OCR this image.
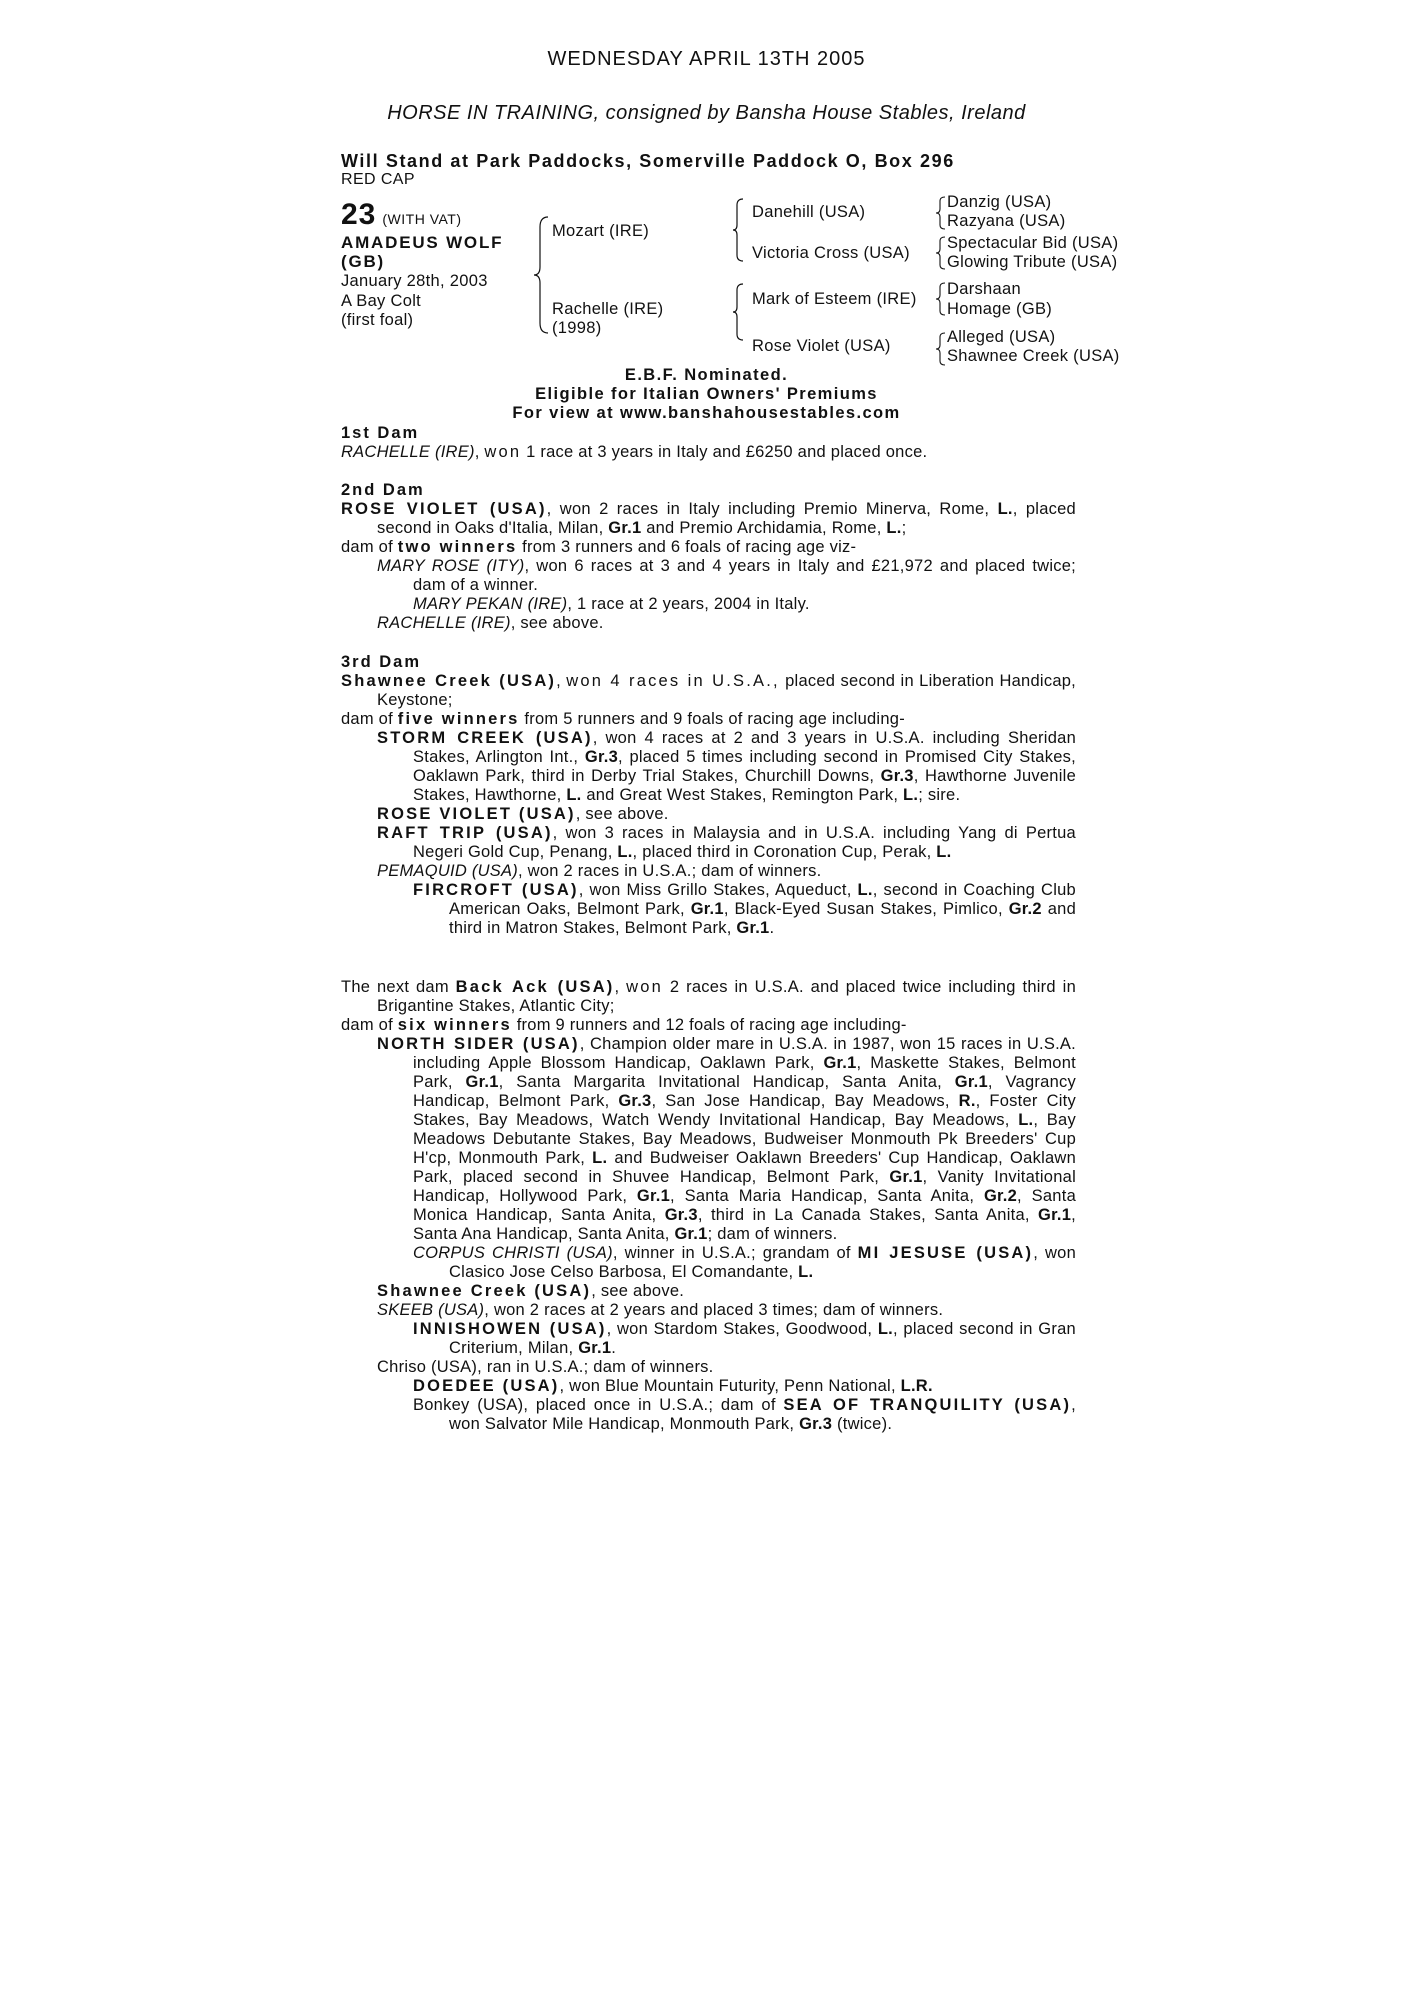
WEDNESDAY APRIL 13TH 2005
HORSE IN TRAINING, consigned by Bansha House Stables, Ireland
Will Stand at Park Paddocks, Somerville Paddock O, Box 296
RED CAP
23 (WITH VAT)
AMADEUS WOLF (GB)
January 28th, 2003
A Bay Colt
(first foal)
Mozart (IRE)
Rachelle (IRE)
(1998)
Danehill (USA)
Victoria Cross (USA)
Mark of Esteem (IRE)
Rose Violet (USA)
Danzig (USA)
Razyana (USA)
Spectacular Bid (USA)
Glowing Tribute (USA)
Darshaan
Homage (GB)
Alleged (USA)
Shawnee Creek (USA)
E.B.F. Nominated.
Eligible for Italian Owners' Premiums
For view at www.banshahousestables.com

1st Dam

RACHELLE (IRE), won 1 race at 3 years in Italy and £6250 and placed once.

2nd Dam

ROSE VIOLET (USA), won 2 races in Italy including Premio Minerva, Rome, L., placed second in Oaks d'Italia, Milan, Gr.1 and Premio Archidamia, Rome, L.;

dam of two winners from 3 runners and 6 foals of racing age viz-

MARY ROSE (ITY), won 6 races at 3 and 4 years in Italy and £21,972 and placed twice; dam of a winner.

MARY PEKAN (IRE), 1 race at 2 years, 2004 in Italy.

RACHELLE (IRE), see above.

3rd Dam

Shawnee Creek (USA), won 4 races in U.S.A., placed second in Liberation Handicap, Keystone;

dam of five winners from 5 runners and 9 foals of racing age including-

STORM CREEK (USA), won 4 races at 2 and 3 years in U.S.A. including Sheridan Stakes, Arlington Int., Gr.3, placed 5 times including second in Promised City Stakes, Oaklawn Park, third in Derby Trial Stakes, Churchill Downs, Gr.3, Hawthorne Juvenile Stakes, Hawthorne, L. and Great West Stakes, Remington Park, L.; sire.

ROSE VIOLET (USA), see above.

RAFT TRIP (USA), won 3 races in Malaysia and in U.S.A. including Yang di Pertua Negeri Gold Cup, Penang, L., placed third in Coronation Cup, Perak, L.

PEMAQUID (USA), won 2 races in U.S.A.; dam of winners.

FIRCROFT (USA), won Miss Grillo Stakes, Aqueduct, L., second in Coaching Club American Oaks, Belmont Park, Gr.1, Black-Eyed Susan Stakes, Pimlico, Gr.2 and third in Matron Stakes, Belmont Park, Gr.1.

The next dam Back Ack (USA), won 2 races in U.S.A. and placed twice including third in Brigantine Stakes, Atlantic City;

dam of six winners from 9 runners and 12 foals of racing age including-

NORTH SIDER (USA), Champion older mare in U.S.A. in 1987, won 15 races in U.S.A. including Apple Blossom Handicap, Oaklawn Park, Gr.1, Maskette Stakes, Belmont Park, Gr.1, Santa Margarita Invitational Handicap, Santa Anita, Gr.1, Vagrancy Handicap, Belmont Park, Gr.3, San Jose Handicap, Bay Meadows, R., Foster City Stakes, Bay Meadows, Watch Wendy Invitational Handicap, Bay Meadows, L., Bay Meadows Debutante Stakes, Bay Meadows, Budweiser Monmouth Pk Breeders' Cup H'cp, Monmouth Park, L. and Budweiser Oaklawn Breeders' Cup Handicap, Oaklawn Park, placed second in Shuvee Handicap, Belmont Park, Gr.1, Vanity Invitational Handicap, Hollywood Park, Gr.1, Santa Maria Handicap, Santa Anita, Gr.2, Santa Monica Handicap, Santa Anita, Gr.3, third in La Canada Stakes, Santa Anita, Gr.1, Santa Ana Handicap, Santa Anita, Gr.1; dam of winners.

CORPUS CHRISTI (USA), winner in U.S.A.; grandam of MI JESUSE (USA), won Clasico Jose Celso Barbosa, El Comandante, L.

Shawnee Creek (USA), see above.

SKEEB (USA), won 2 races at 2 years and placed 3 times; dam of winners.

INNISHOWEN (USA), won Stardom Stakes, Goodwood, L., placed second in Gran Criterium, Milan, Gr.1.

Chriso (USA), ran in U.S.A.; dam of winners.

DOEDEE (USA), won Blue Mountain Futurity, Penn National, L.R.

Bonkey (USA), placed once in U.S.A.; dam of SEA OF TRANQUILITY (USA), won Salvator Mile Handicap, Monmouth Park, Gr.3 (twice).
